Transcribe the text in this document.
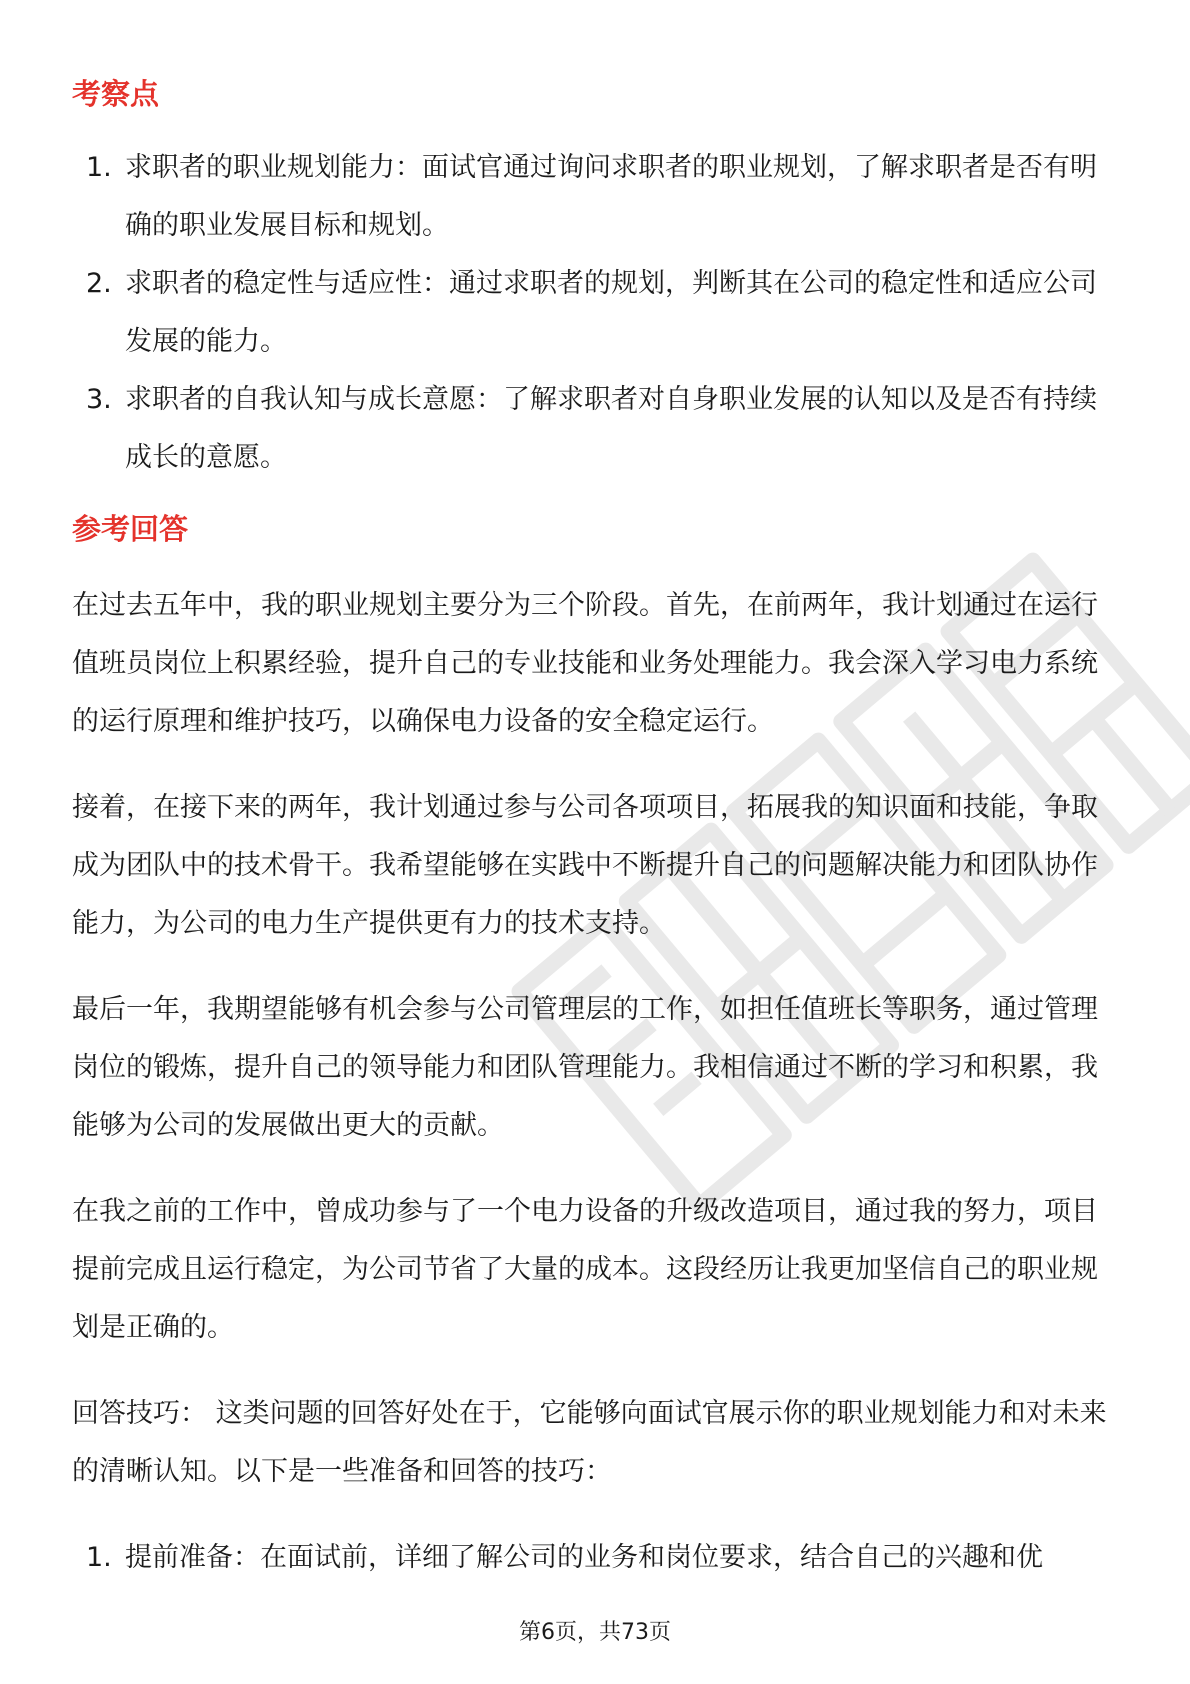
考察点
1. 求职者的职业规划能力：面试官通过询问求职者的职业规划，了解求职者是否有明确的职业发展目标和规划。
2. 求职者的稳定性与适应性：通过求职者的规划，判断其在公司的稳定性和适应公司发展的能力。
3. 求职者的自我认知与成长意愿：了解求职者对自身职业发展的认知以及是否有持续成长的意愿。
参考回答

在过去五年中，我的职业规划主要分为三个阶段。首先，在前两年，我计划通过在运行值班员岗位上积累经验，提升自己的专业技能和业务处理能力。我会深入学习电力系统的运行原理和维护技巧，以确保电力设备的安全稳定运行。

接着，在接下来的两年，我计划通过参与公司各项项目，拓展我的知识面和技能，争取成为团队中的技术骨干。我希望能够在实践中不断提升自己的问题解决能力和团队协作能力，为公司的电力生产提供更有力的技术支持。

最后一年，我期望能够有机会参与公司管理层的工作，如担任值班长等职务，通过管理岗位的锻炼，提升自己的领导能力和团队管理能力。我相信通过不断的学习和积累，我能够为公司的发展做出更大的贡献。

在我之前的工作中，曾成功参与了一个电力设备的升级改造项目，通过我的努力，项目提前完成且运行稳定，为公司节省了大量的成本。这段经历让我更加坚信自己的职业规划是正确的。

回答技巧： 这类问题的回答好处在于，它能够向面试官展示你的职业规划能力和对未来的清晰认知。以下是一些准备和回答的技巧：

1. 提前准备：在面试前，详细了解公司的业务和岗位要求，结合自己的兴趣和优
第6页，共73页
